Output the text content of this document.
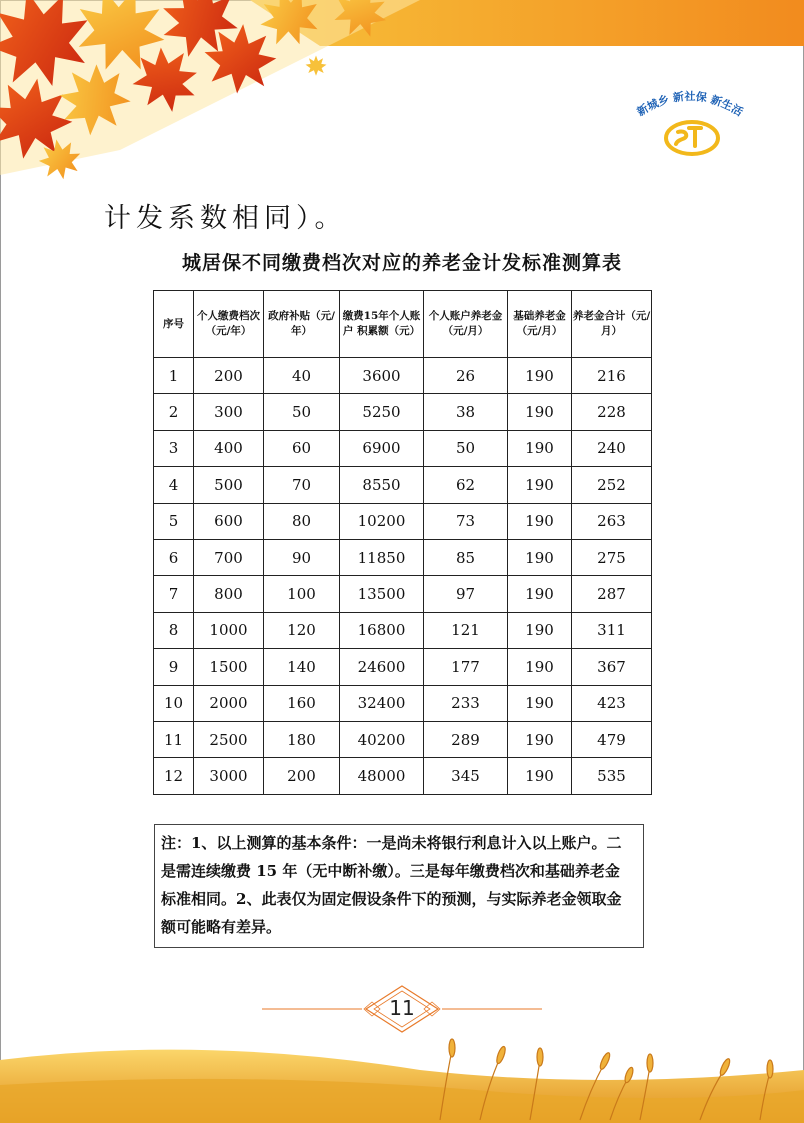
新城乡 新社保 新生活
计发系数相同）。
城居保不同缴费档次对应的养老金计发标准测算表
序号	个人缴费档次（元/年）	政府补贴（元/年）	缴费15年个人账户 积累额（元）	个人账户养老金（元/月）	基础养老金（元/月）	养老金合计（元/月）
1	200	40	3600	26	190	216
2	300	50	5250	38	190	228
3	400	60	6900	50	190	240
4	500	70	8550	62	190	252
5	600	80	10200	73	190	263
6	700	90	11850	85	190	275
7	800	100	13500	97	190	287
8	1000	120	16800	121	190	311
9	1500	140	24600	177	190	367
10	2000	160	32400	233	190	423
11	2500	180	40200	289	190	479
12	3000	200	48000	345	190	535
注：1、以上测算的基本条件：一是尚未将银行利息计入以上账户。二是需连续缴费 15 年（无中断补缴）。三是每年缴费档次和基础养老金标准相同。2、此表仅为固定假设条件下的预测，与实际养老金领取金额可能略有差异。
11
